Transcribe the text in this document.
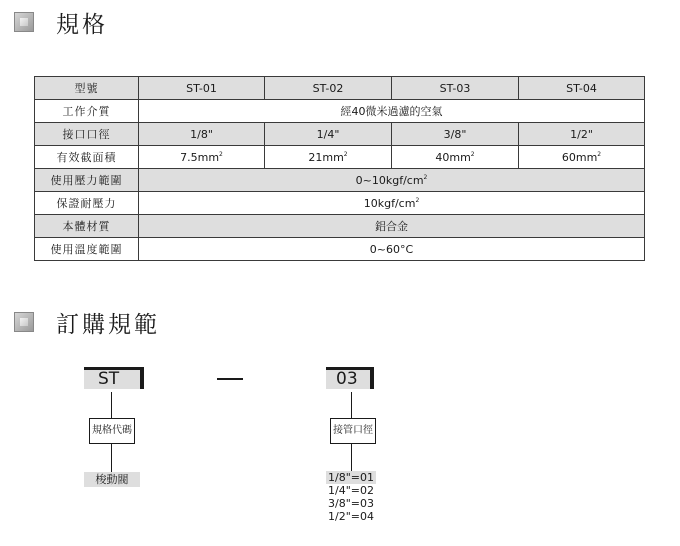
規格
型號	ST-01	ST-02	ST-03	ST-04
工作介質	經40微米過濾的空氣			
接口口徑	1/8"	1/4"	3/8"	1/2"
有效截面積	$7.5mm^2$	$21mm^2$	$40mm^2$	$60mm^2$
使用壓力範圍	$0\sim 10kgf/cm^2$
保證耐壓力	$10kgf/cm^2$
本體材質	鋁合金			
使用溫度範圍	0~60°C			
訂購規範
ST	03
規格代碼	接管口徑
梭動閥	1/8"=01
1/4"=02
3/8"=03
1/2"=04
